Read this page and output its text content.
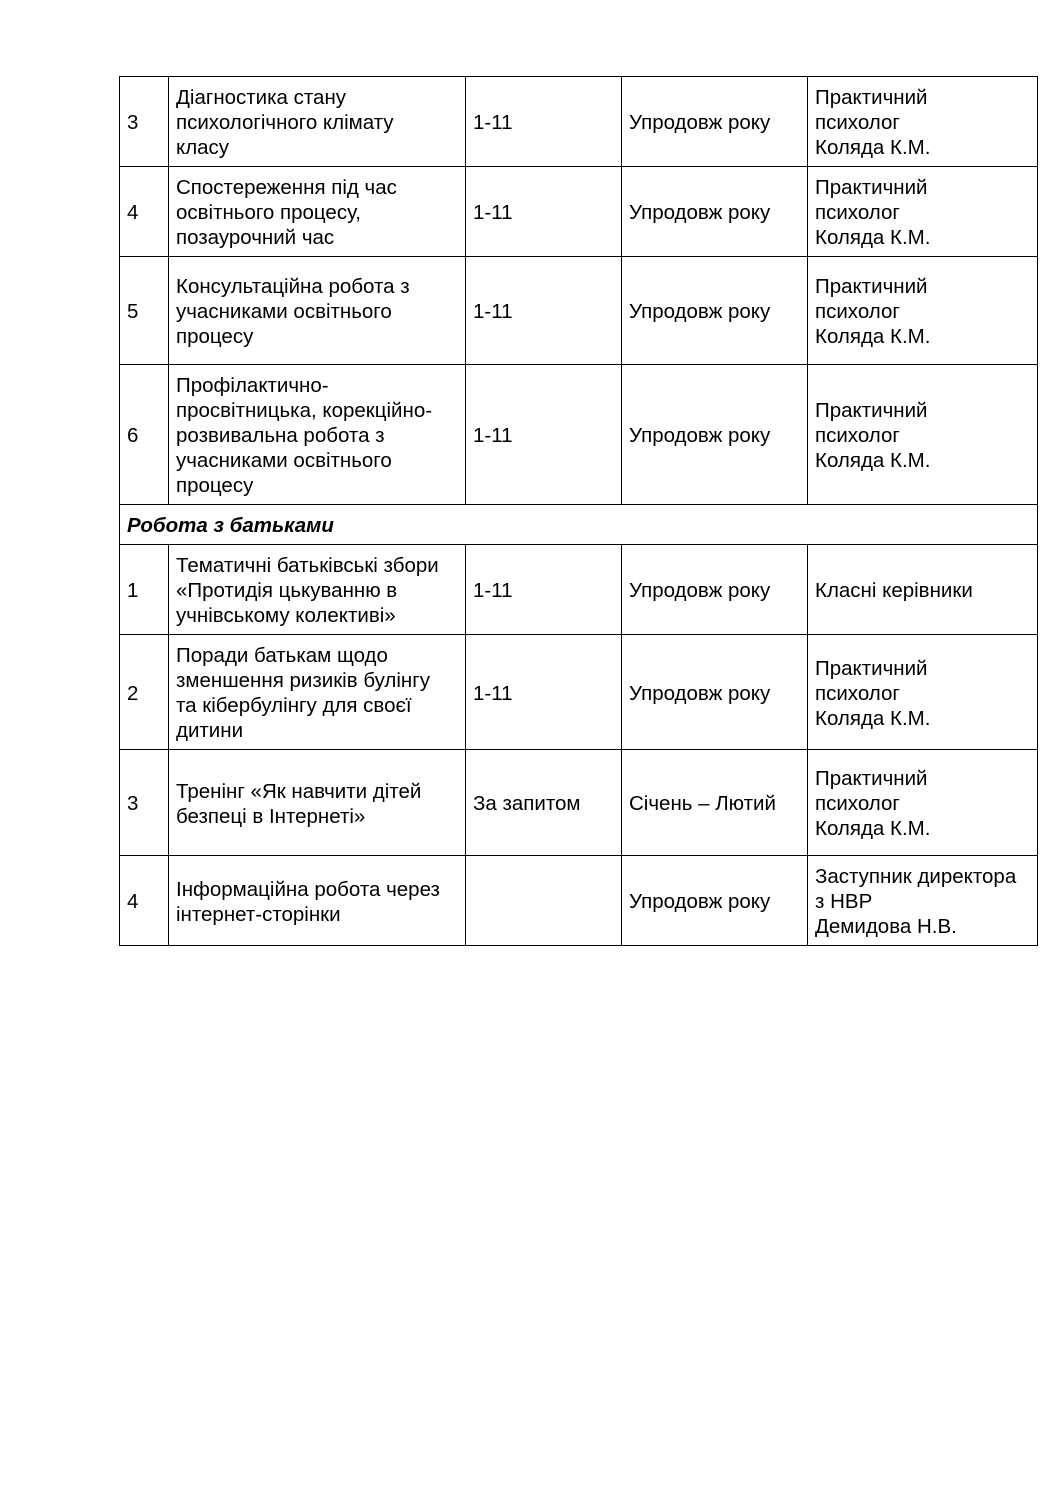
3	Діагностика стану
психологічного клімату
класу	1-11	Упродовж року	Практичний
психолог
Коляда К.М.
4	Спостереження під час
освітнього процесу,
позаурочний час	1-11	Упродовж року	Практичний
психолог
Коляда К.М.
5	Консультаційна робота з
учасниками освітнього
процесу	1-11	Упродовж року	Практичний
психолог
Коляда К.М.
6	Профілактично-
просвітницька, корекційно-
розвивальна робота з
учасниками освітнього
процесу	1-11	Упродовж року	Практичний
психолог
Коляда К.М.
Робота з батьками				
1	Тематичні батьківські збори
«Протидія цькуванню в
учнівському колективі»	1-11	Упродовж року	Класні керівники
2	Поради батькам щодо
зменшення ризиків булінгу
та кібербулінгу для своєї
дитини	1-11	Упродовж року	Практичний
психолог
Коляда К.М.
3	Тренінг «Як навчити дітей
безпеці в Інтернеті»	За запитом	Січень – Лютий	Практичний
психолог
Коляда К.М.
4	Інформаційна робота через
інтернет-сторінки		Упродовж року	Заступник директора
з НВР
Демидова Н.В.
